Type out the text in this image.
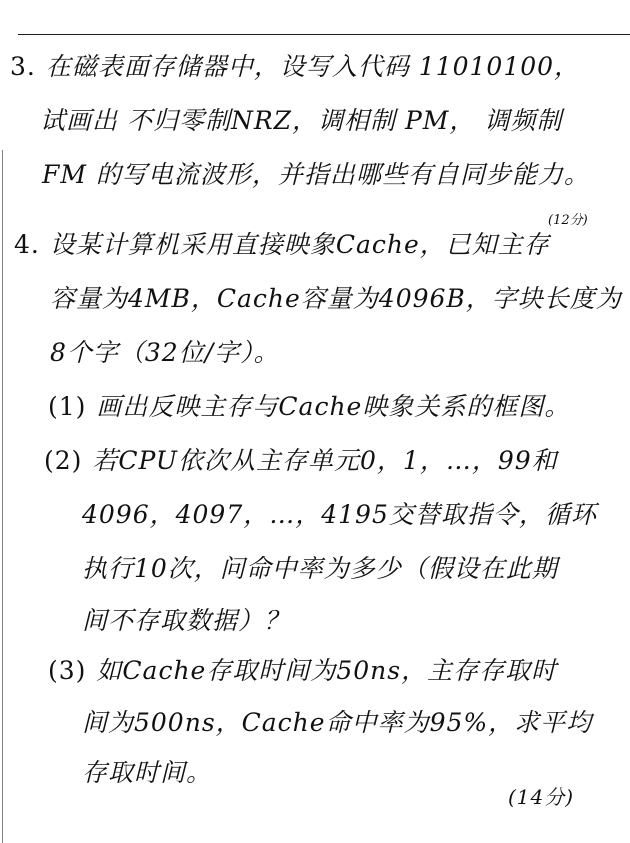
3. 在磁表面存储器中，设写入代码 11010100，
试画出 不归零制NRZ，调相制 PM， 调频制
FM 的写电流波形，并指出哪些有自同步能力。
(12分)
4. 设某计算机采用直接映象Cache，已知主存
容量为4MB，Cache容量为4096B，字块长度为
8个字（32位/字）。
(1) 画出反映主存与Cache映象关系的框图。
(2) 若CPU依次从主存单元0，1，…，99和
4096，4097，…，4195交替取指令，循环
执行10次，问命中率为多少（假设在此期
间不存取数据）？
(3) 如Cache存取时间为50ns，主存存取时
间为500ns，Cache命中率为95%，求平均
存取时间。
(14分)
